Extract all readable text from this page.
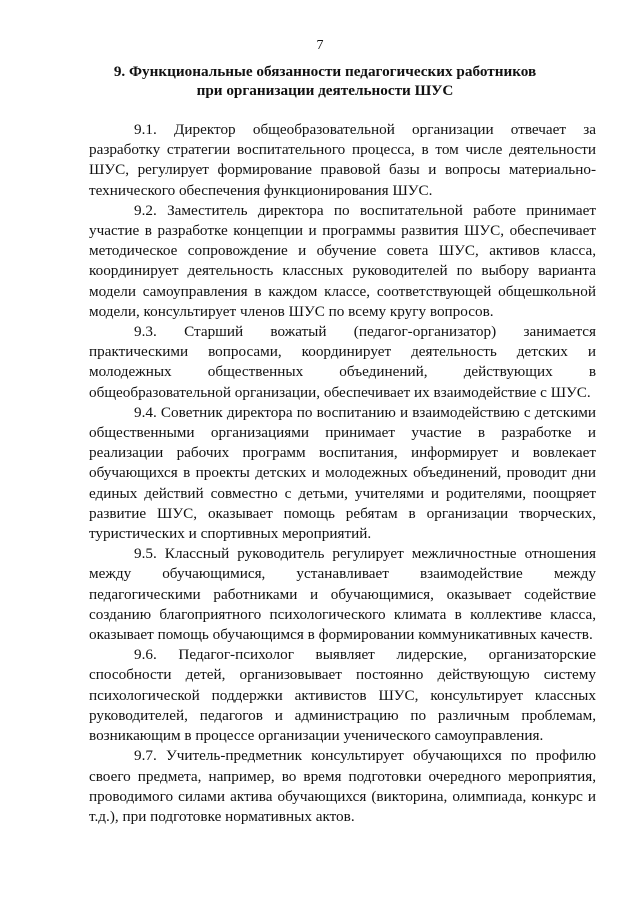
7
9. Функциональные обязанности педагогических работников
при организации деятельности ШУС

9.1. Директор общеобразовательной организации отвечает за разработку стратегии воспитательного процесса, в том числе деятельности ШУС, регулирует формирование правовой базы и вопросы материально-технического обеспечения функционирования ШУС.

9.2. Заместитель директора по воспитательной работе принимает участие в разработке концепции и программы развития ШУС, обеспечивает методическое сопровождение и обучение совета ШУС, активов класса, координирует деятельность классных руководителей по выбору варианта модели самоуправления в каждом классе, соответствующей общешкольной модели, консультирует членов ШУС по всему кругу вопросов.

9.3. Старший вожатый (педагог-организатор) занимается практическими вопросами, координирует деятельность детских и молодежных общественных объединений, действующих в общеобразовательной организации, обеспечивает их взаимодействие с ШУС.

9.4. Советник директора по воспитанию и взаимодействию с детскими общественными организациями принимает участие в разработке и реализации рабочих программ воспитания, информирует и вовлекает обучающихся в проекты детских и молодежных объединений, проводит дни единых действий совместно с детьми, учителями и родителями, поощряет развитие ШУС, оказывает помощь ребятам в организации творческих, туристических и спортивных мероприятий.

9.5. Классный руководитель регулирует межличностные отношения между обучающимися, устанавливает взаимодействие между педагогическими работниками и обучающимися, оказывает содействие созданию благоприятного психологического климата в коллективе класса, оказывает помощь обучающимся в формировании коммуникативных качеств.

9.6. Педагог-психолог выявляет лидерские, организаторские способности детей, организовывает постоянно действующую систему психологической поддержки активистов ШУС, консультирует классных руководителей, педагогов и администрацию по различным проблемам, возникающим в процессе организации ученического самоуправления.

9.7. Учитель-предметник консультирует обучающихся по профилю своего предмета, например, во время подготовки очередного мероприятия, проводимого силами актива обучающихся (викторина, олимпиада, конкурс и т.д.), при подготовке нормативных актов.
